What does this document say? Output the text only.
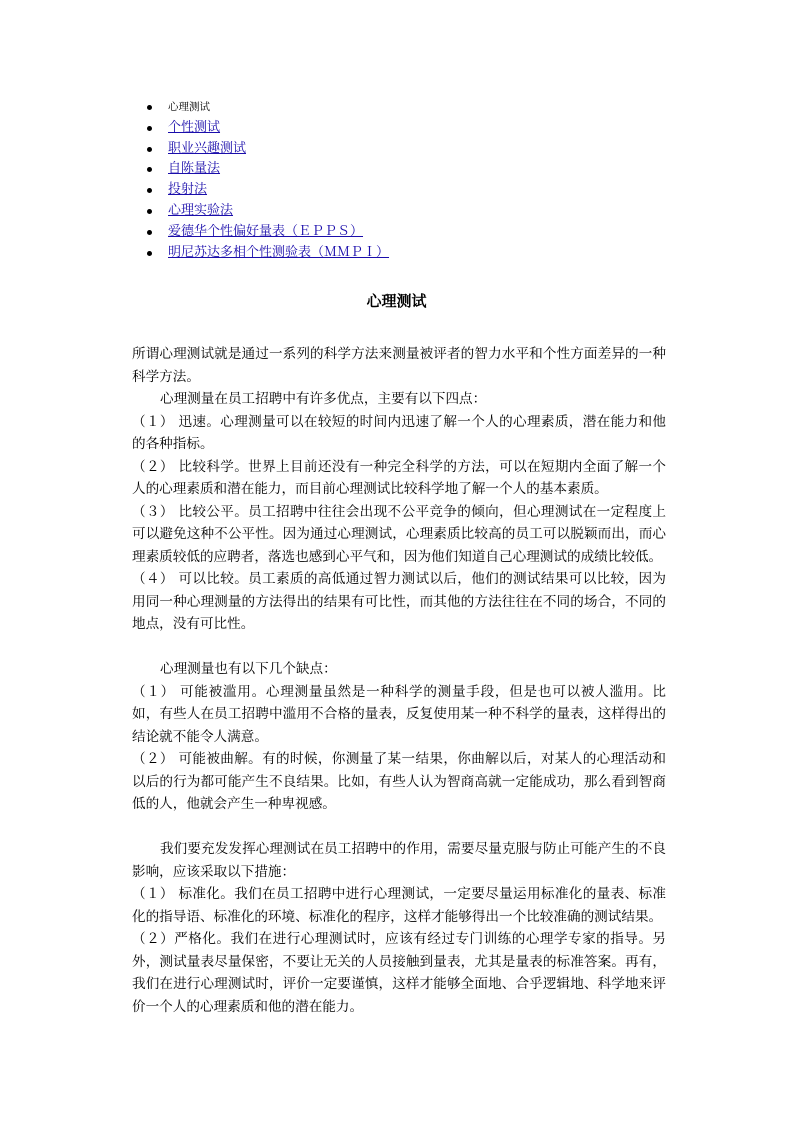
心理测试
个性测试
职业兴趣测试
自陈量法
投射法
心理实验法
爱德华个性偏好量表（ＥＰＰＳ）
明尼苏达多相个性测验表（ＭＭＰＩ）
心理测试

所谓心理测试就是通过一系列的科学方法来测量被评者的智力水平和个性方面差异的一种科学方法。

心理测量在员工招聘中有许多优点，主要有以下四点：

（１） 迅速。心理测量可以在较短的时间内迅速了解一个人的心理素质，潜在能力和他的各种指标。

（２） 比较科学。世界上目前还没有一种完全科学的方法，可以在短期内全面了解一个人的心理素质和潜在能力，而目前心理测试比较科学地了解一个人的基本素质。

（３） 比较公平。员工招聘中往往会出现不公平竞争的倾向，但心理测试在一定程度上可以避免这种不公平性。因为通过心理测试，心理素质比较高的员工可以脱颖而出，而心理素质较低的应聘者，落选也感到心平气和，因为他们知道自己心理测试的成绩比较低。

（４） 可以比较。员工素质的高低通过智力测试以后，他们的测试结果可以比较，因为用同一种心理测量的方法得出的结果有可比性，而其他的方法往往在不同的场合，不同的地点，没有可比性。

心理测量也有以下几个缺点：

（１） 可能被滥用。心理测量虽然是一种科学的测量手段，但是也可以被人滥用。比如，有些人在员工招聘中滥用不合格的量表，反复使用某一种不科学的量表，这样得出的结论就不能令人满意。

（２） 可能被曲解。有的时候，你测量了某一结果，你曲解以后，对某人的心理活动和以后的行为都可能产生不良结果。比如，有些人认为智商高就一定能成功，那么看到智商低的人，他就会产生一种卑视感。

我们要充发发挥心理测试在员工招聘中的作用，需要尽量克服与防止可能产生的不良影响，应该采取以下措施：

（１） 标准化。我们在员工招聘中进行心理测试，一定要尽量运用标准化的量表、标准化的指导语、标准化的环境、标准化的程序，这样才能够得出一个比较准确的测试结果。

（２）严格化。我们在进行心理测试时，应该有经过专门训练的心理学专家的指导。另外，测试量表尽量保密，不要让无关的人员接触到量表，尤其是量表的标准答案。再有，我们在进行心理测试时，评价一定要谨慎，这样才能够全面地、合乎逻辑地、科学地来评价一个人的心理素质和他的潜在能力。
